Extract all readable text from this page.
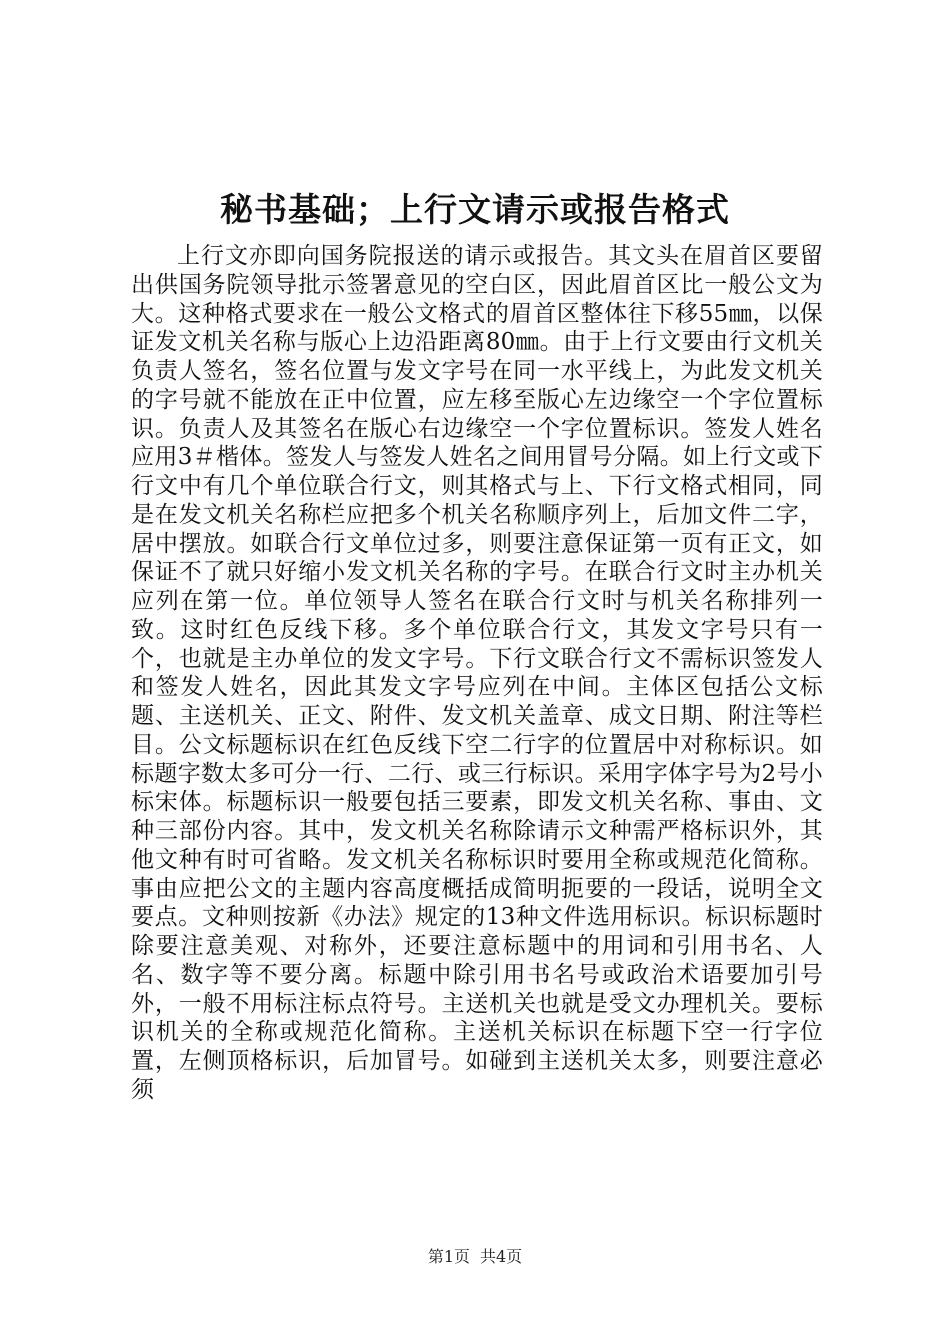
秘书基础；上行文请示或报告格式

上行文亦即向国务院报送的请示或报告。其文头在眉首区要留出供国务院领导批示签署意见的空白区，因此眉首区比一般公文为大。这种格式要求在一般公文格式的眉首区整体往下移55㎜，以保证发文机关名称与版心上边沿距离80㎜。由于上行文要由行文机关负责人签名，签名位置与发文字号在同一水平线上，为此发文机关的字号就不能放在正中位置，应左移至版心左边缘空一个字位置标识。负责人及其签名在版心右边缘空一个字位置标识。签发人姓名应用3＃楷体。签发人与签发人姓名之间用冒号分隔。如上行文或下行文中有几个单位联合行文，则其格式与上、下行文格式相同，同是在发文机关名称栏应把多个机关名称顺序列上，后加文件二字，居中摆放。如联合行文单位过多，则要注意保证第一页有正文，如保证不了就只好缩小发文机关名称的字号。在联合行文时主办机关应列在第一位。单位领导人签名在联合行文时与机关名称排列一致。这时红色反线下移。多个单位联合行文，其发文字号只有一个，也就是主办单位的发文字号。下行文联合行文不需标识签发人和签发人姓名，因此其发文字号应列在中间。主体区包括公文标题、主送机关、正文、附件、发文机关盖章、成文日期、附注等栏目。公文标题标识在红色反线下空二行字的位置居中对称标识。如标题字数太多可分一行、二行、或三行标识。采用字体字号为2号小标宋体。标题标识一般要包括三要素，即发文机关名称、事由、文种三部份内容。其中，发文机关名称除请示文种需严格标识外，其他文种有时可省略。发文机关名称标识时要用全称或规范化简称。事由应把公文的主题内容高度概括成简明扼要的一段话，说明全文要点。文种则按新《办法》规定的13种文件选用标识。标识标题时除要注意美观、对称外，还要注意标题中的用词和引用书名、人名、数字等不要分离。标题中除引用书名号或政治术语要加引号外，一般不用标注标点符号。主送机关也就是受文办理机关。要标识机关的全称或规范化简称。主送机关标识在标题下空一行字位置，左侧顶格标识，后加冒号。如碰到主送机关太多，则要注意必须

第1页 共4页
